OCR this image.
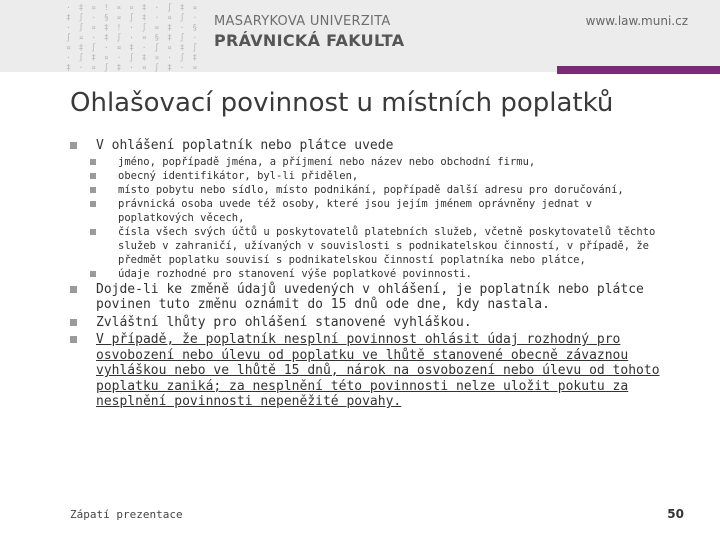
· ‡ ¤ ! ∝ ¤ ‡ · ∫ ‡ ¤
‡ ∫ · § ¤ ∫ ‡ · ¤ ∫ ·
· ∫ ¤ ‡ ! · ∫ ¤ ‡ · §
∫ ¤ · ‡ ∫ · ¤ § ‡ ∫ ·
¤ ‡ ∫ · ¤ ‡ · ∫ ¤ ‡ ∫
· ∫ ‡ ¤ · ∫ ‡ ¤ · ∫ ‡
‡ · ¤ ∫ ‡ · ¤ ∫ ‡ · ¤
MASARYKOVA UNIVERZITA
PRÁVNICKÁ FAKULTA
www.law.muni.cz
Ohlašovací povinnost u místních poplatků
V ohlášení poplatník nebo plátce uvede
jméno, popřípadě jména, a příjmení nebo název nebo obchodní firmu,
obecný identifikátor, byl-li přidělen,
místo pobytu nebo sídlo, místo podnikání, popřípadě další adresu pro doručování,
právnická osoba uvede též osoby, které jsou jejím jménem oprávněny jednat v poplatkových věcech,
čísla všech svých účtů u poskytovatelů platebních služeb, včetně poskytovatelů těchto služeb v zahraničí, užívaných v souvislosti s podnikatelskou činností, v případě, že předmět poplatku souvisí s podnikatelskou činností poplatníka nebo plátce,
údaje rozhodné pro stanovení výše poplatkové povinnosti.
Dojde-li ke změně údajů uvedených v ohlášení, je poplatník nebo plátce povinen tuto změnu oznámit do 15 dnů ode dne, kdy nastala.
Zvláštní lhůty pro ohlášení stanovené vyhláškou.
V případě, že poplatník nesplní povinnost ohlásit údaj rozhodný pro osvobození nebo úlevu od poplatku ve lhůtě stanovené obecně závaznou vyhláškou nebo ve lhůtě 15 dnů, nárok na osvobození nebo úlevu od tohoto poplatku zaniká; za nesplnění této povinnosti nelze uložit pokutu za nesplnění povinnosti nepeněžité povahy.
Zápatí prezentace	50
